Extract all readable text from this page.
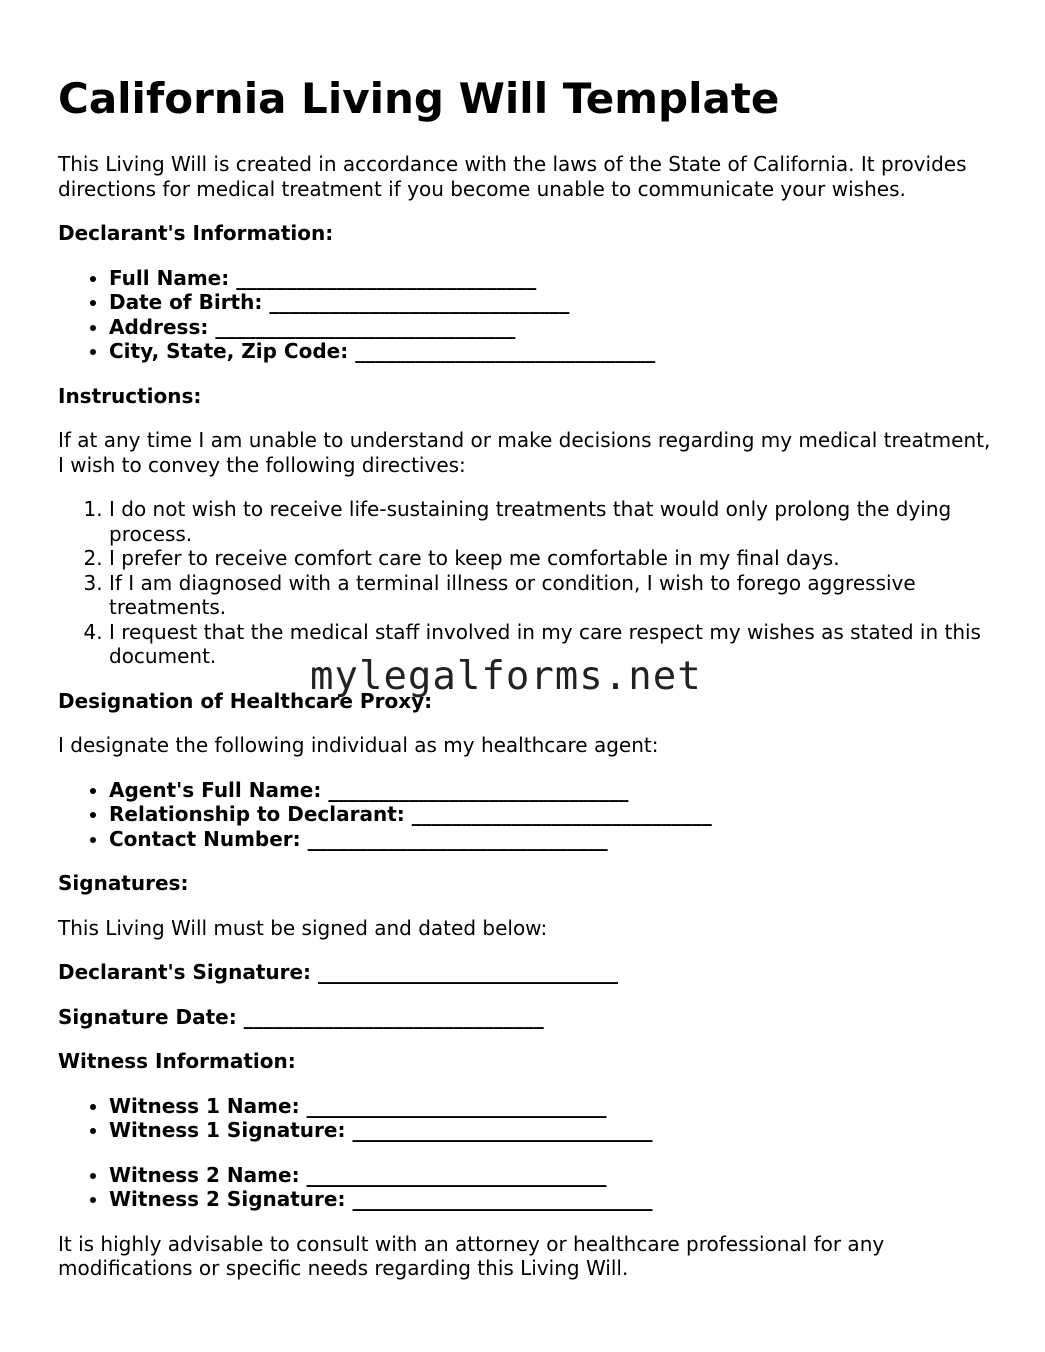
California Living Will Template

This Living Will is created in accordance with the laws of the State of California. It provides directions for medical treatment if you become unable to communicate your wishes.

Declarant's Information:

• Full Name: ______________________________
• Date of Birth: ______________________________
• Address: ______________________________
• City, State, Zip Code: ______________________________

Instructions:

If at any time I am unable to understand or make decisions regarding my medical treatment, I wish to convey the following directives:

1. I do not wish to receive life-sustaining treatments that would only prolong the dying process.
2. I prefer to receive comfort care to keep me comfortable in my final days.
3. If I am diagnosed with a terminal illness or condition, I wish to forego aggressive treatments.
4. I request that the medical staff involved in my care respect my wishes as stated in this document.

Designation of Healthcare Proxy:

I designate the following individual as my healthcare agent:

• Agent's Full Name: ______________________________
• Relationship to Declarant: ______________________________
• Contact Number: ______________________________

Signatures:

This Living Will must be signed and dated below:

Declarant's Signature: ______________________________

Signature Date: ______________________________

Witness Information:

• Witness 1 Name: ______________________________
• Witness 1 Signature: ______________________________
• Witness 2 Name: ______________________________
• Witness 2 Signature: ______________________________

It is highly advisable to consult with an attorney or healthcare professional for any modifications or specific needs regarding this Living Will.

mylegalforms.net
